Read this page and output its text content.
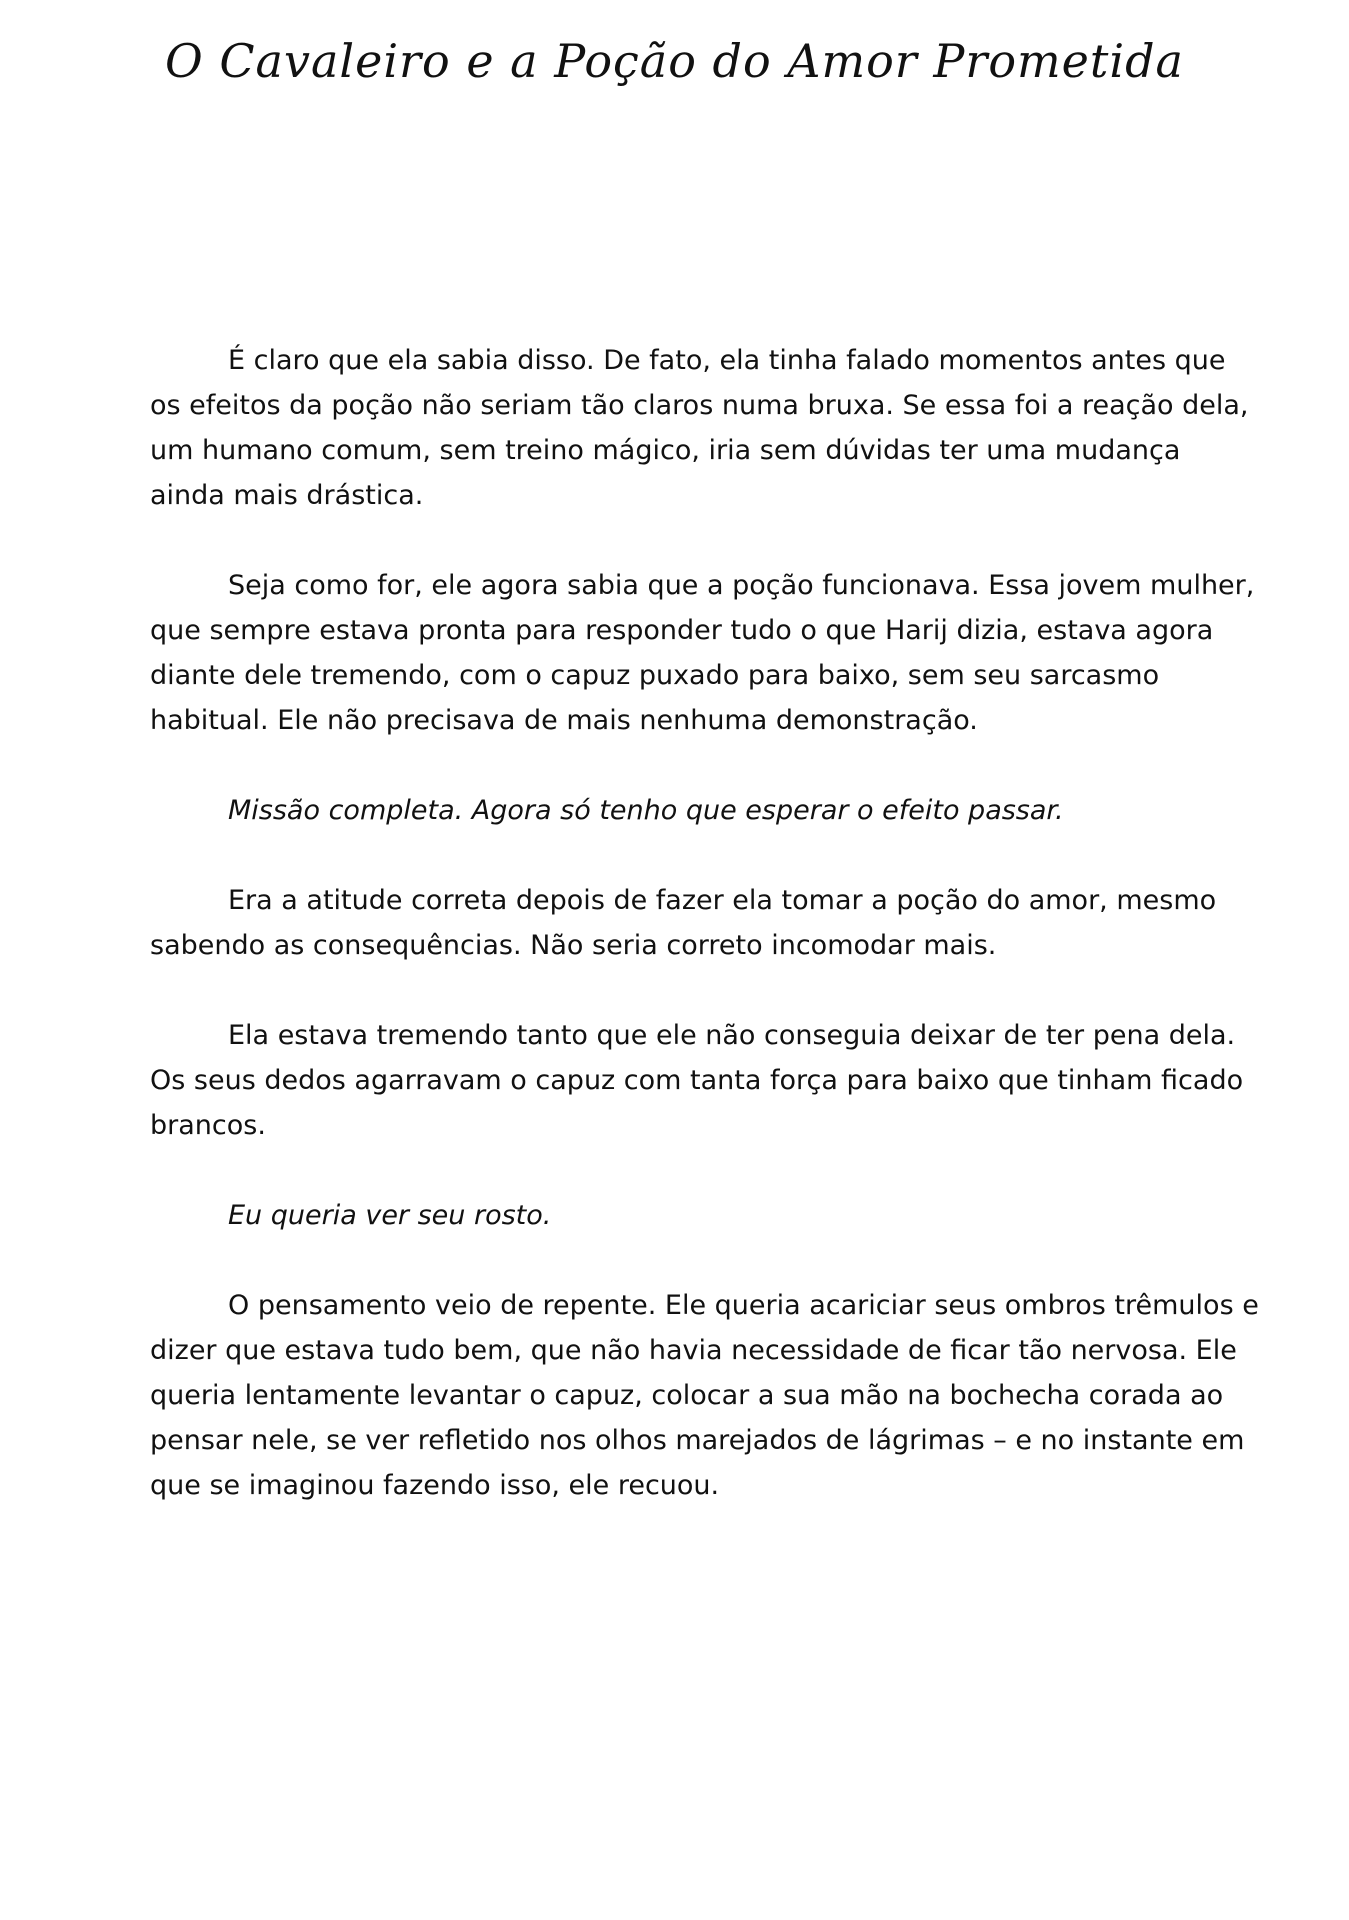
O Cavaleiro e a Poção do Amor Prometida

É claro que ela sabia disso. De fato, ela tinha falado momentos antes que os efeitos da poção não seriam tão claros numa bruxa. Se essa foi a reação dela, um humano comum, sem treino mágico, iria sem dúvidas ter uma mudança ainda mais drástica.

Seja como for, ele agora sabia que a poção funcionava. Essa jovem mulher, que sempre estava pronta para responder tudo o que Harij dizia, estava agora diante dele tremendo, com o capuz puxado para baixo, sem seu sarcasmo habitual. Ele não precisava de mais nenhuma demonstração.

Missão completa. Agora só tenho que esperar o efeito passar.

Era a atitude correta depois de fazer ela tomar a poção do amor, mesmo sabendo as consequências. Não seria correto incomodar mais.

Ela estava tremendo tanto que ele não conseguia deixar de ter pena dela. Os seus dedos agarravam o capuz com tanta força para baixo que tinham ficado brancos.

Eu queria ver seu rosto.

O pensamento veio de repente. Ele queria acariciar seus ombros trêmulos e dizer que estava tudo bem, que não havia necessidade de ficar tão nervosa. Ele queria lentamente levantar o capuz, colocar a sua mão na bochecha corada ao pensar nele, se ver refletido nos olhos marejados de lágrimas – e no instante em que se imaginou fazendo isso, ele recuou.
